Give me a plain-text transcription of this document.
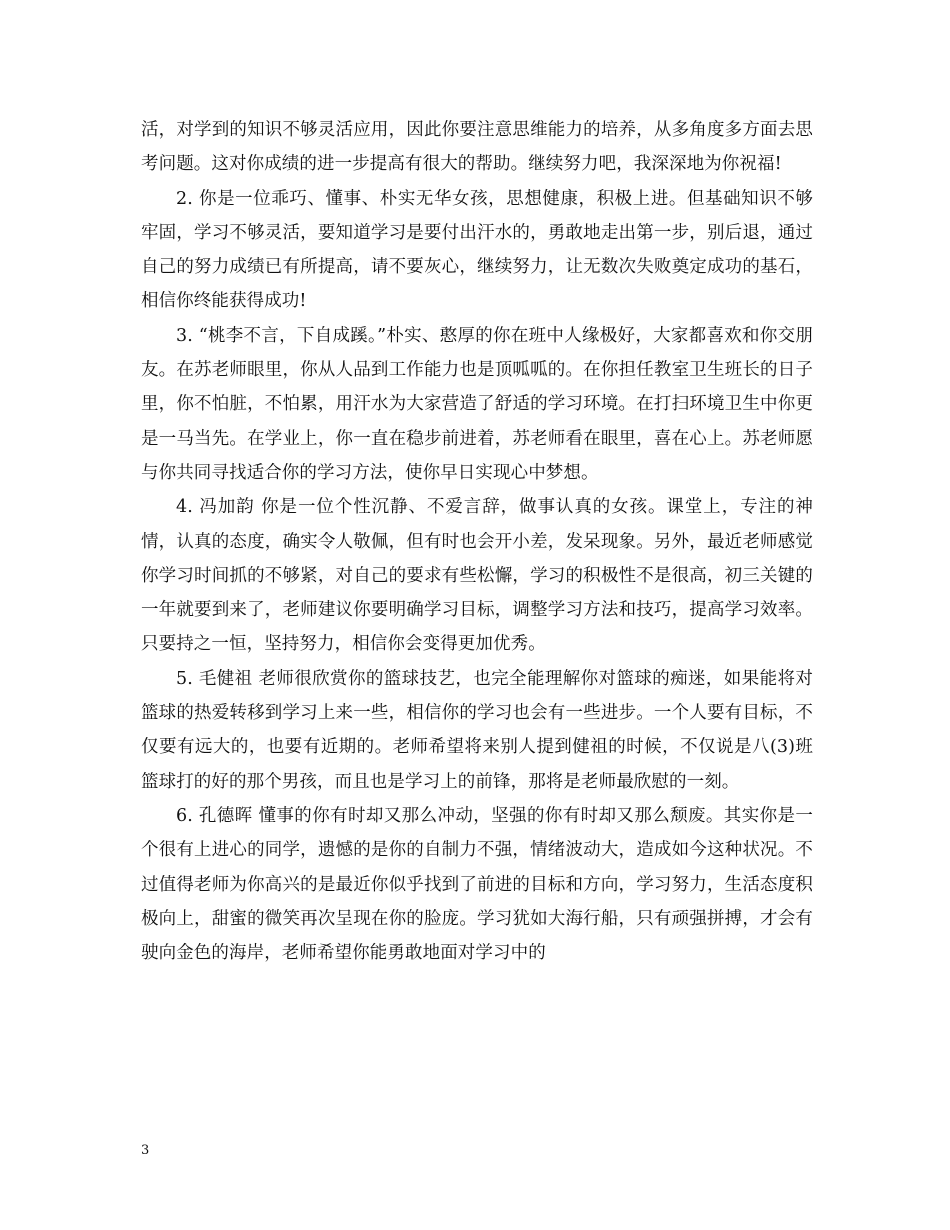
活，对学到的知识不够灵活应用，因此你要注意思维能力的培养，从多角度多方面去思考问题。这对你成绩的进一步提高有很大的帮助。继续努力吧，我深深地为你祝福!

2. 你是一位乖巧、懂事、朴实无华女孩，思想健康，积极上进。但基础知识不够牢固，学习不够灵活，要知道学习是要付出汗水的，勇敢地走出第一步，别后退，通过自己的努力成绩已有所提高，请不要灰心，继续努力，让无数次失败奠定成功的基石，相信你终能获得成功!

3. “桃李不言，下自成蹊。”朴实、憨厚的你在班中人缘极好，大家都喜欢和你交朋友。在苏老师眼里，你从人品到工作能力也是顶呱呱的。在你担任教室卫生班长的日子里，你不怕脏，不怕累，用汗水为大家营造了舒适的学习环境。在打扫环境卫生中你更是一马当先。在学业上，你一直在稳步前进着，苏老师看在眼里，喜在心上。苏老师愿与你共同寻找适合你的学习方法，使你早日实现心中梦想。

4. 冯加韵 你是一位个性沉静、不爱言辞，做事认真的女孩。课堂上，专注的神情，认真的态度，确实令人敬佩，但有时也会开小差，发呆现象。另外，最近老师感觉你学习时间抓的不够紧，对自己的要求有些松懈，学习的积极性不是很高，初三关键的一年就要到来了，老师建议你要明确学习目标，调整学习方法和技巧，提高学习效率。只要持之一恒，坚持努力，相信你会变得更加优秀。

5. 毛健祖 老师很欣赏你的篮球技艺，也完全能理解你对篮球的痴迷，如果能将对篮球的热爱转移到学习上来一些，相信你的学习也会有一些进步。一个人要有目标，不仅要有远大的，也要有近期的。老师希望将来别人提到健祖的时候，不仅说是八(3)班篮球打的好的那个男孩，而且也是学习上的前锋，那将是老师最欣慰的一刻。

6. 孔德晖 懂事的你有时却又那么冲动，坚强的你有时却又那么颓废。其实你是一个很有上进心的同学，遗憾的是你的自制力不强，情绪波动大，造成如今这种状况。不过值得老师为你高兴的是最近你似乎找到了前进的目标和方向，学习努力，生活态度积极向上，甜蜜的微笑再次呈现在你的脸庞。学习犹如大海行船，只有顽强拼搏，才会有驶向金色的海岸，老师希望你能勇敢地面对学习中的

3
